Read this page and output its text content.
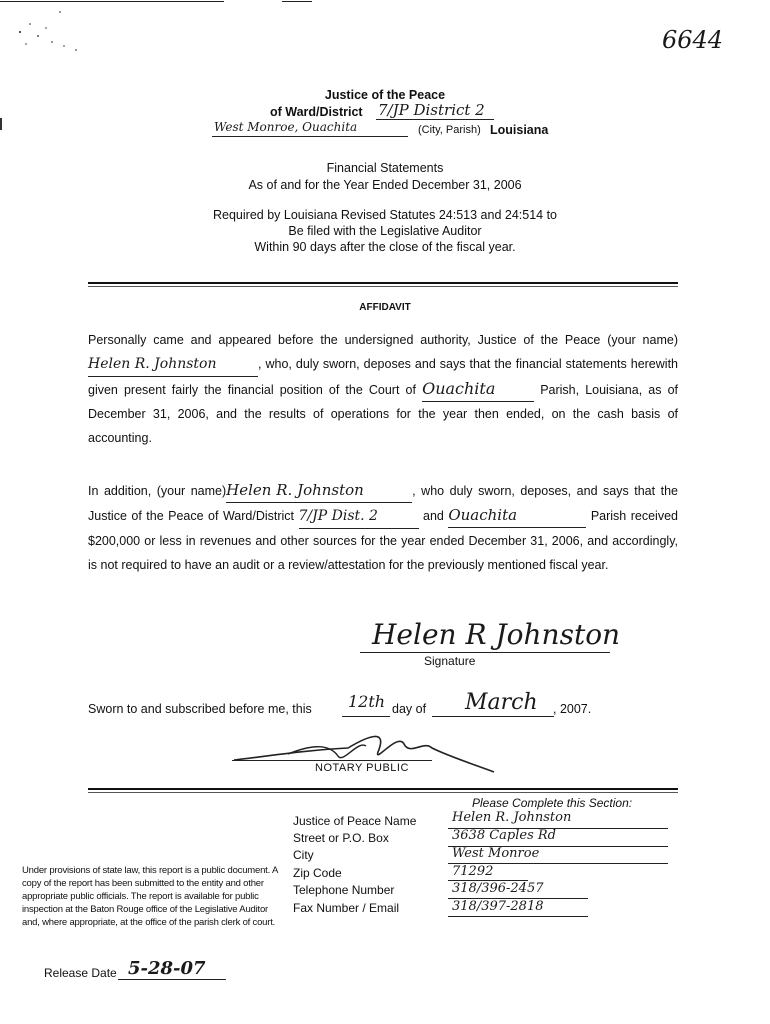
6644
Justice of the Peace
of Ward/District 7/JP District 2
West Monroe, Ouachita	(City, Parish) Louisiana
Financial Statements
As of and for the Year Ended December 31, 2006
Required by Louisiana Revised Statutes 24:513 and 24:514 to
Be filed with the Legislative Auditor
Within 90 days after the close of the fiscal year.
AFFIDAVIT
Personally came and appeared before the undersigned authority, Justice of the Peace (your name)Helen R. Johnston	, who, duly sworn, deposes and says that the financial statements herewith given present fairly the financial position of the Court of Ouachita	Parish, Louisiana, as of December 31, 2006, and the results of operations for the year then ended, on the cash basis of accounting.
In addition, (your name)Helen R. Johnston	, who duly sworn, deposes, and says that the Justice of the Peace of Ward/District 7/JP Dist. 2	and Ouachita	Parish received $200,000 or less in revenues and other sources for the year ended December 31, 2006, and accordingly, is not required to have an audit or a review/attestation for the previously mentioned fiscal year.
Helen R Johnston
Signature
Sworn to and subscribed before me, this 12th day of March , 2007.
NOTARY PUBLIC
Please Complete this Section:
Justice of Peace Name	Helen R. Johnston
Street or P.O. Box	3638 Caples Rd
City	West Monroe
Zip Code	71292
Telephone Number	318/396-2457
Fax Number / Email	318/397-2818
Under provisions of state law, this report is a public document. A copy of the report has been submitted to the entity and other appropriate public officials. The report is available for public inspection at the Baton Rouge office of the Legislative Auditor and, where appropriate, at the office of the parish clerk of court.
Release Date 5-28-07
